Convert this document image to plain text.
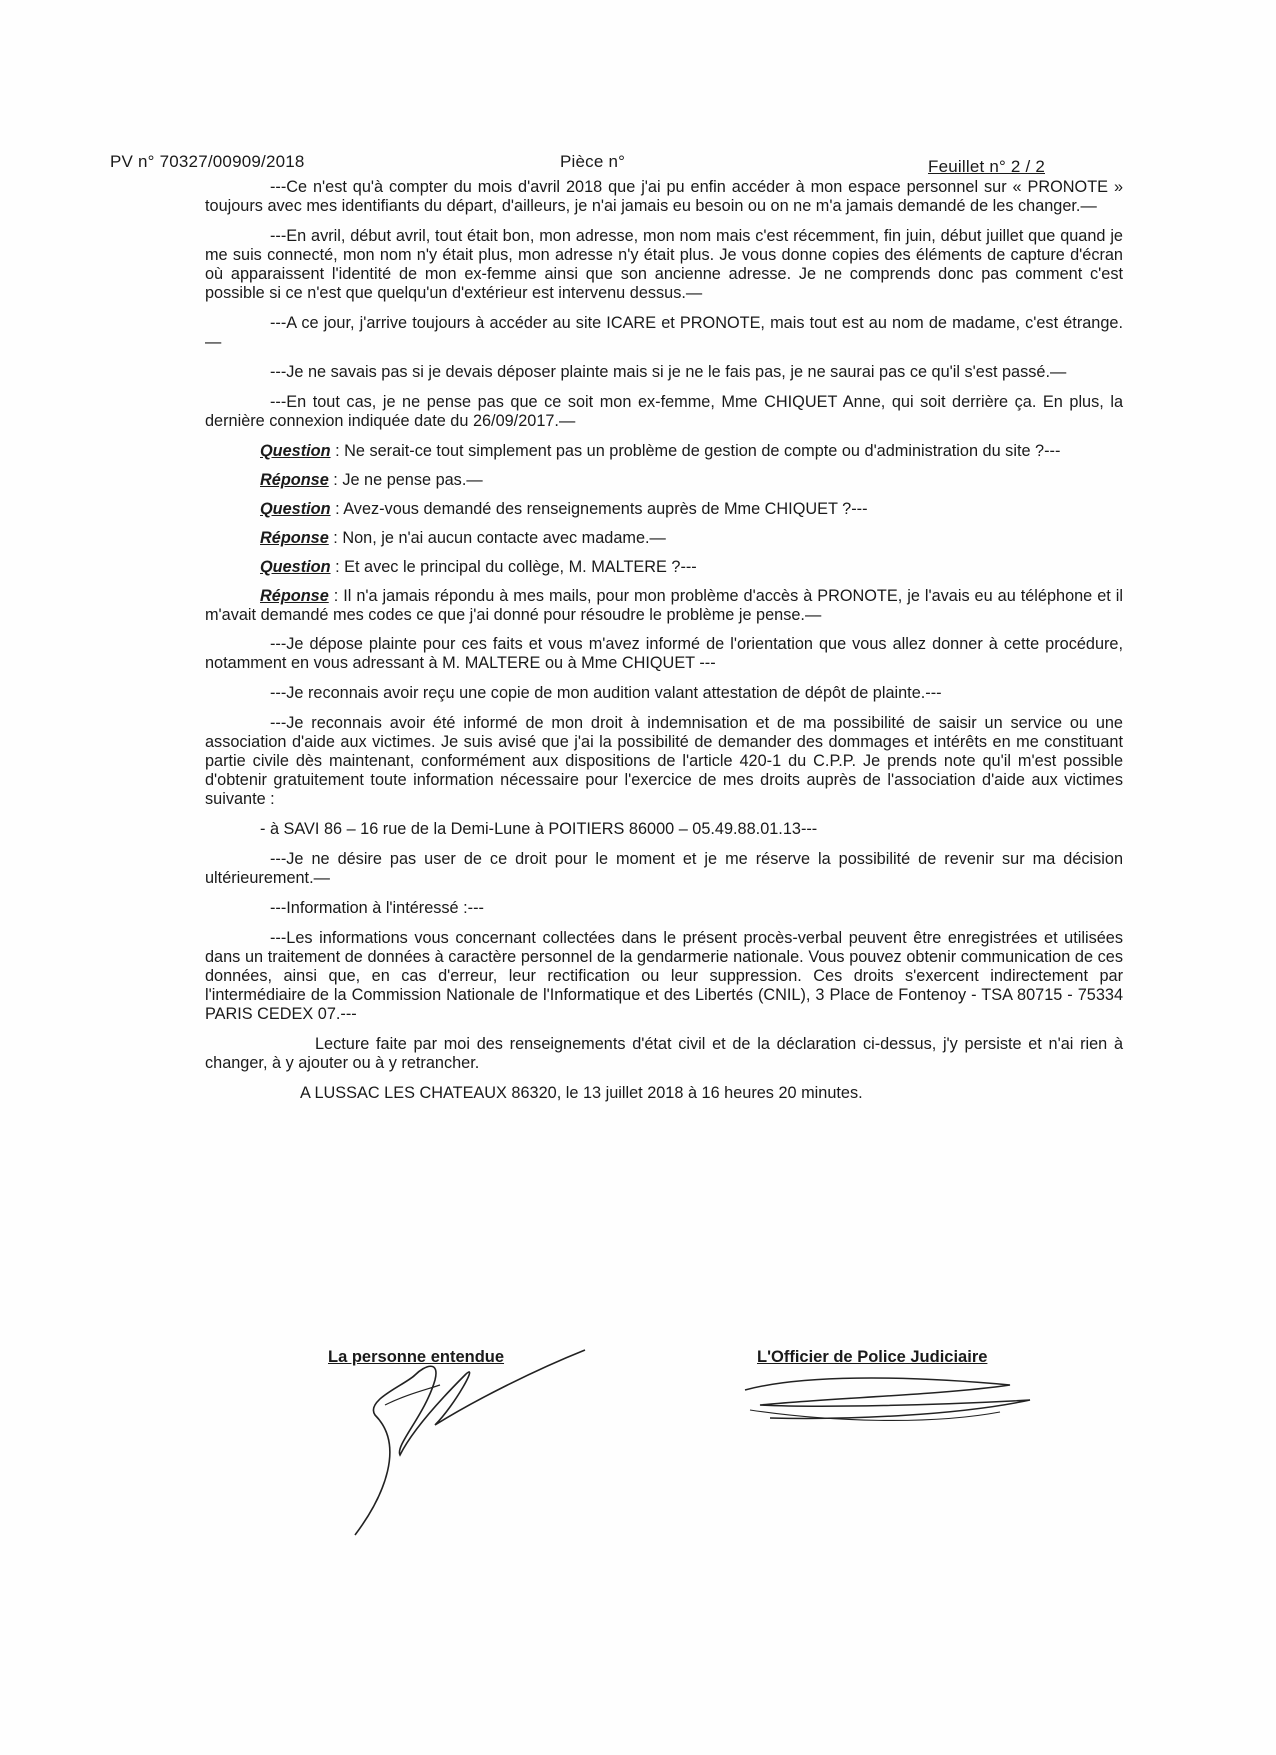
PV n° 70327/00909/2018	Pièce n°	Feuillet n° 2 / 2

---Ce n'est qu'à compter du mois d'avril 2018 que j'ai pu enfin accéder à mon espace personnel sur « PRONOTE » toujours avec mes identifiants du départ, d'ailleurs, je n'ai jamais eu besoin ou on ne m'a jamais demandé de les changer.—

---En avril, début avril, tout était bon, mon adresse, mon nom mais c'est récemment, fin juin, début juillet que quand je me suis connecté, mon nom n'y était plus, mon adresse n'y était plus. Je vous donne copies des éléments de capture d'écran où apparaissent l'identité de mon ex-femme ainsi que son ancienne adresse. Je ne comprends donc pas comment c'est possible si ce n'est que quelqu'un d'extérieur est intervenu dessus.—

---A ce jour, j'arrive toujours à accéder au site ICARE et PRONOTE, mais tout est au nom de madame, c'est étrange.—

---Je ne savais pas si je devais déposer plainte mais si je ne le fais pas, je ne saurai pas ce qu'il s'est passé.—

---En tout cas, je ne pense pas que ce soit mon ex-femme, Mme CHIQUET Anne, qui soit derrière ça. En plus, la dernière connexion indiquée date du 26/09/2017.—

Question : Ne serait-ce tout simplement pas un problème de gestion de compte ou d'administration du site ?---

Réponse : Je ne pense pas.—

Question : Avez-vous demandé des renseignements auprès de Mme CHIQUET ?---

Réponse : Non, je n'ai aucun contacte avec madame.—

Question : Et avec le principal du collège, M. MALTERE ?---

Réponse : Il n'a jamais répondu à mes mails, pour mon problème d'accès à PRONOTE, je l'avais eu au téléphone et il m'avait demandé mes codes ce que j'ai donné pour résoudre le problème je pense.—

---Je dépose plainte pour ces faits et vous m'avez informé de l'orientation que vous allez donner à cette procédure, notamment en vous adressant à M. MALTERE ou à Mme CHIQUET ---

---Je reconnais avoir reçu une copie de mon audition valant attestation de dépôt de plainte.---

---Je reconnais avoir été informé de mon droit à indemnisation et de ma possibilité de saisir un service ou une association d'aide aux victimes. Je suis avisé que j'ai la possibilité de demander des dommages et intérêts en me constituant partie civile dès maintenant, conformément aux dispositions de l'article 420-1 du C.P.P. Je prends note qu'il m'est possible d'obtenir gratuitement toute information nécessaire pour l'exercice de mes droits auprès de l'association d'aide aux victimes suivante :

- à SAVI 86 – 16 rue de la Demi-Lune à POITIERS 86000 – 05.49.88.01.13---

---Je ne désire pas user de ce droit pour le moment et je me réserve la possibilité de revenir sur ma décision ultérieurement.—

---Information à l'intéressé :---

---Les informations vous concernant collectées dans le présent procès-verbal peuvent être enregistrées et utilisées dans un traitement de données à caractère personnel de la gendarmerie nationale. Vous pouvez obtenir communication de ces données, ainsi que, en cas d'erreur, leur rectification ou leur suppression. Ces droits s'exercent indirectement par l'intermédiaire de la Commission Nationale de l'Informatique et des Libertés (CNIL), 3 Place de Fontenoy - TSA 80715 - 75334 PARIS CEDEX 07.---

Lecture faite par moi des renseignements d'état civil et de la déclaration ci-dessus, j'y persiste et n'ai rien à changer, à y ajouter ou à y retrancher.

A LUSSAC LES CHATEAUX 86320, le 13 juillet 2018 à 16 heures 20 minutes.

La personne entendue	L'Officier de Police Judiciaire
